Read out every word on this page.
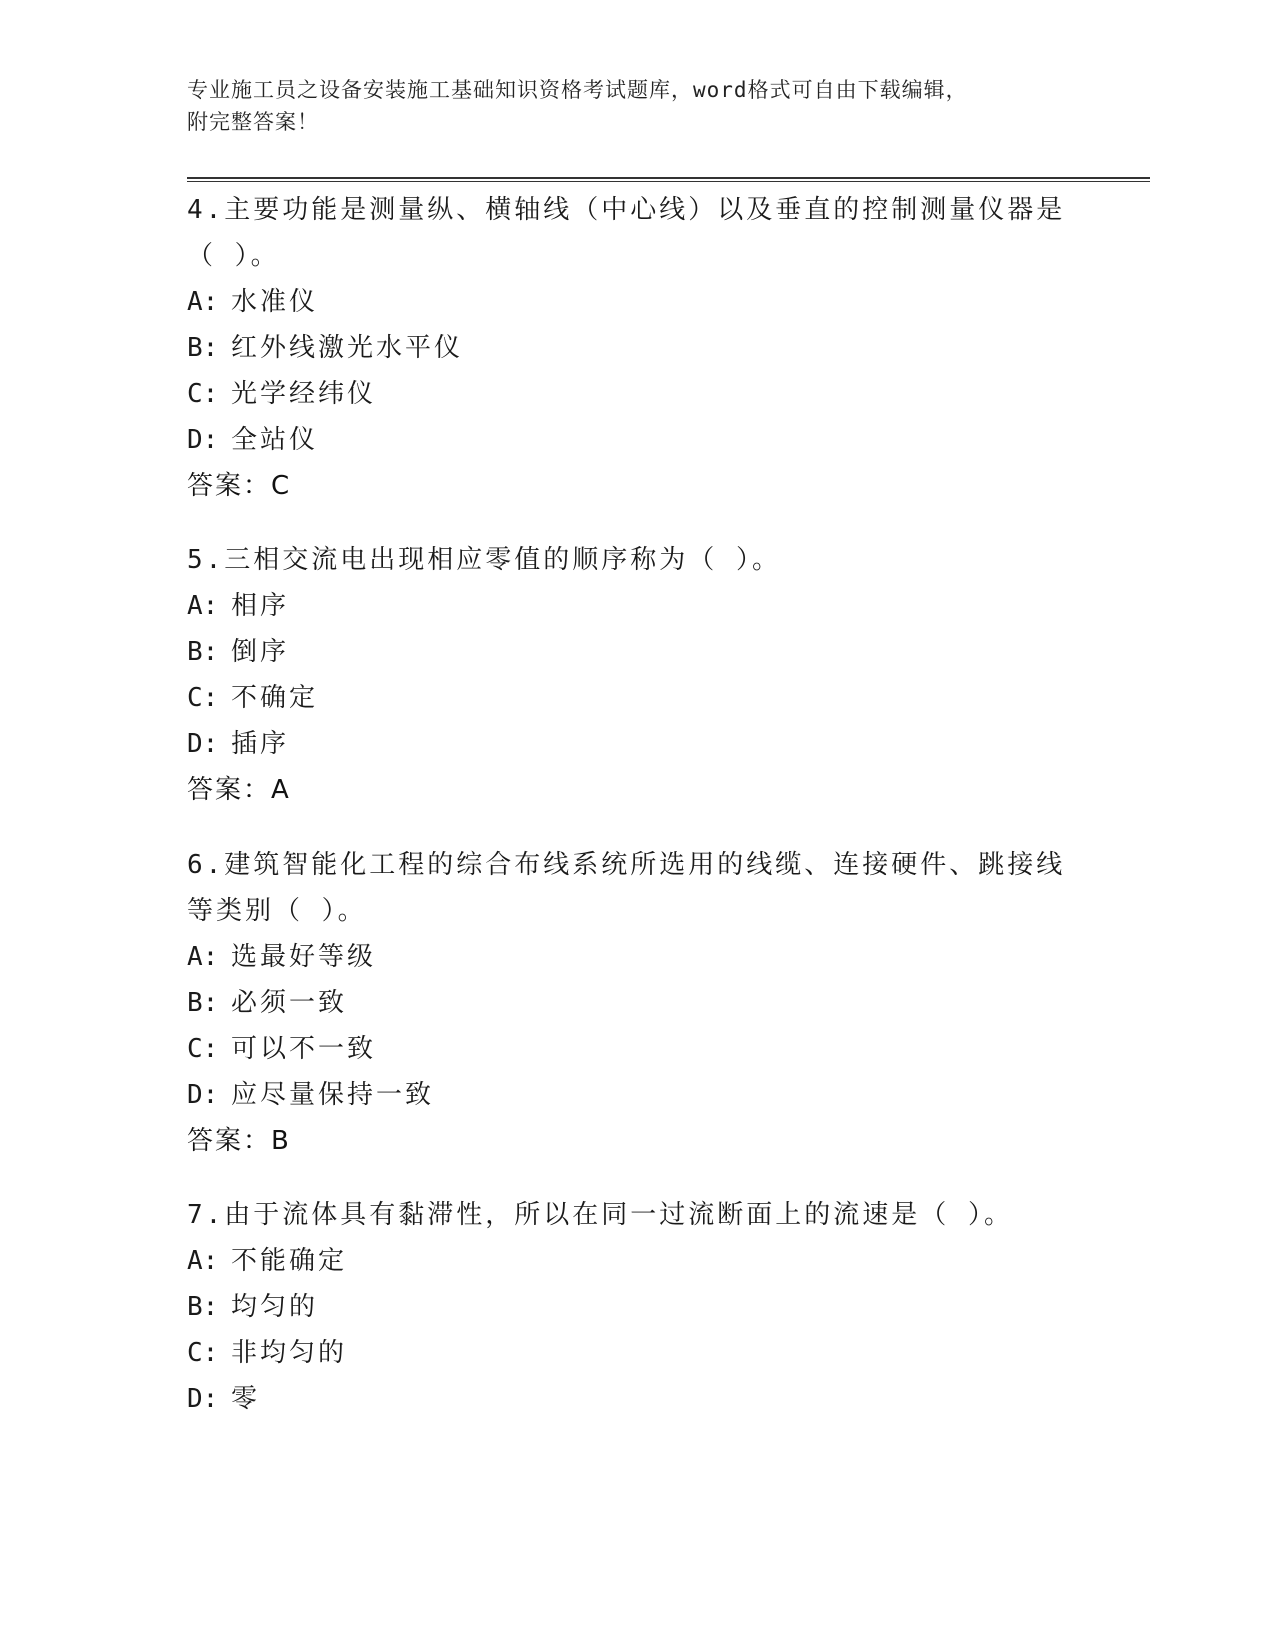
专业施工员之设备安装施工基础知识资格考试题库，word格式可自由下载编辑，
附完整答案！
4.主要功能是测量纵、横轴线（中心线）以及垂直的控制测量仪器是
（ ）。
A: 水准仪
B: 红外线激光水平仪
C: 光学经纬仪
D: 全站仪
答案：C
5.三相交流电出现相应零值的顺序称为（ ）。
A: 相序
B: 倒序
C: 不确定
D: 插序
答案：A
6.建筑智能化工程的综合布线系统所选用的线缆、连接硬件、跳接线
等类别（ ）。
A: 选最好等级
B: 必须一致
C: 可以不一致
D: 应尽量保持一致
答案：B
7.由于流体具有黏滞性，所以在同一过流断面上的流速是（ ）。
A: 不能确定
B: 均匀的
C: 非均匀的
D: 零
